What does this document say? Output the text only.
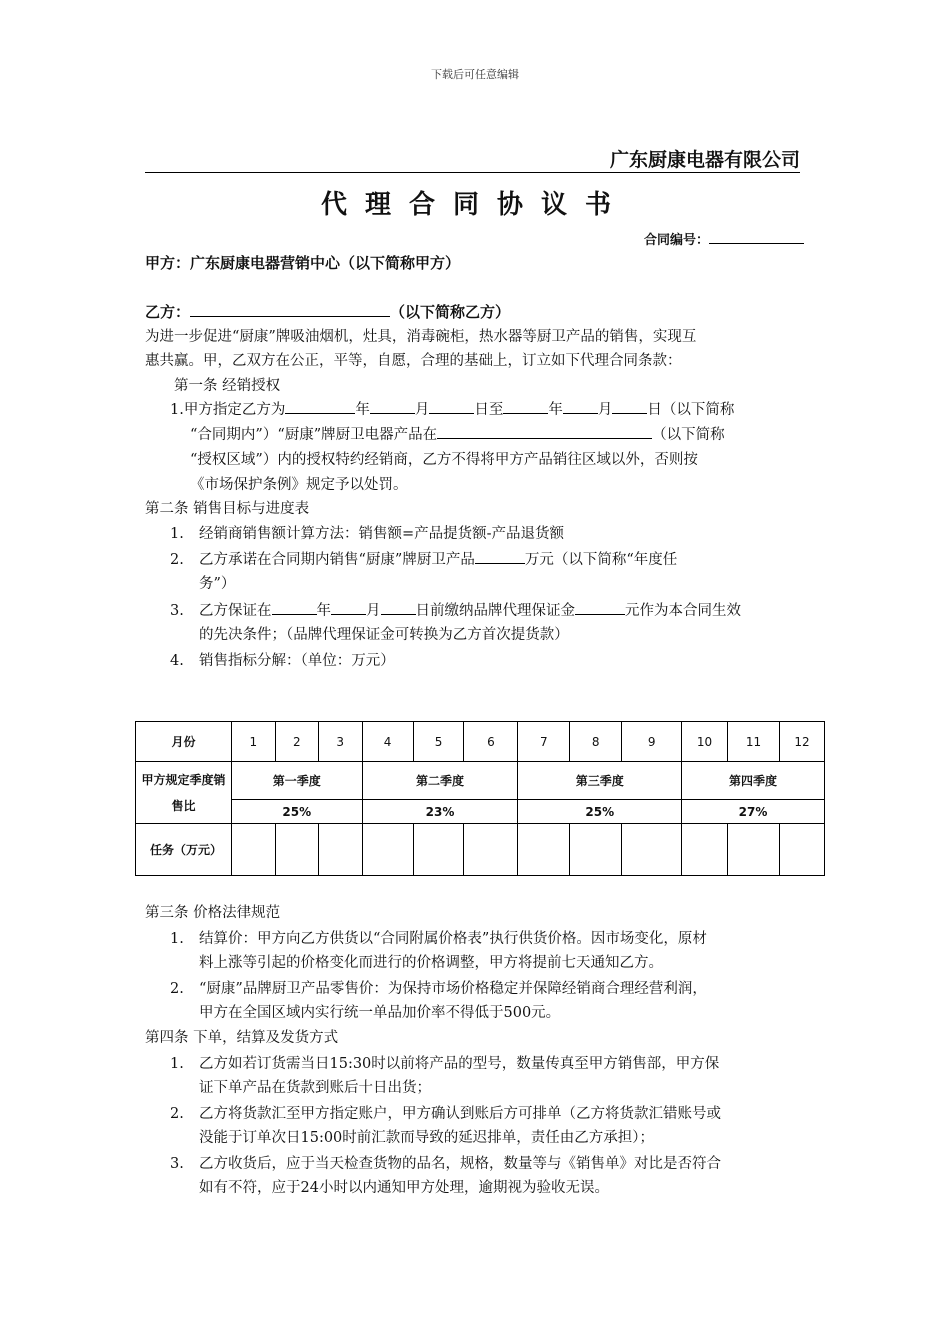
下载后可任意编辑
广东厨康电器有限公司
代理合同协议书
合同编号：
甲方：广东厨康电器营销中心（以下简称甲方）
乙方：	（以下简称乙方）
为进一步促进“厨康”牌吸油烟机，灶具，消毒碗柜，热水器等厨卫产品的销售，实现互
惠共赢。甲，乙双方在公正，平等，自愿，合理的基础上，订立如下代理合同条款：
第一条 经销授权
1.甲方指定乙方为	年	月	日至	年 月 日（以下简称
“合同期内”）“厨康”牌厨卫电器产品在	（以下简称
“授权区域”）内的授权特约经销商，乙方不得将甲方产品销往区域以外，否则按
《市场保护条例》规定予以处罚。
第二条 销售目标与进度表
1. 经销商销售额计算方法：销售额=产品提货额-产品退货额
2. 乙方承诺在合同期内销售“厨康”牌厨卫产品	万元（以下简称“年度任
务”）
3. 乙方保证在	年 月 日前缴纳品牌代理保证金	元作为本合同生效
的先决条件；（品牌代理保证金可转换为乙方首次提货款）
4. 销售指标分解：（单位：万元）
月份	1	2	3	4	5	6	7	8	9	10	11	12
甲方规定季度销售比	第一季度			第二季度			第三季度			第四季度		
	25%			23%			25%			27%		
任务（万元）												
第三条 价格法律规范
1. 结算价：甲方向乙方供货以“合同附属价格表”执行供货价格。因市场变化，原材
料上涨等引起的价格变化而进行的价格调整，甲方将提前七天通知乙方。
2. “厨康”品牌厨卫产品零售价：为保持市场价格稳定并保障经销商合理经营利润，
甲方在全国区域内实行统一单品加价率不得低于500元。
第四条 下单，结算及发货方式
1. 乙方如若订货需当日15:30时以前将产品的型号，数量传真至甲方销售部，甲方保
证下单产品在货款到账后十日出货；
2. 乙方将货款汇至甲方指定账户，甲方确认到账后方可排单（乙方将货款汇错账号或
没能于订单次日15:00时前汇款而导致的延迟排单，责任由乙方承担）；
3. 乙方收货后，应于当天检查货物的品名，规格，数量等与《销售单》对比是否符合
如有不符，应于24小时以内通知甲方处理，逾期视为验收无误。
